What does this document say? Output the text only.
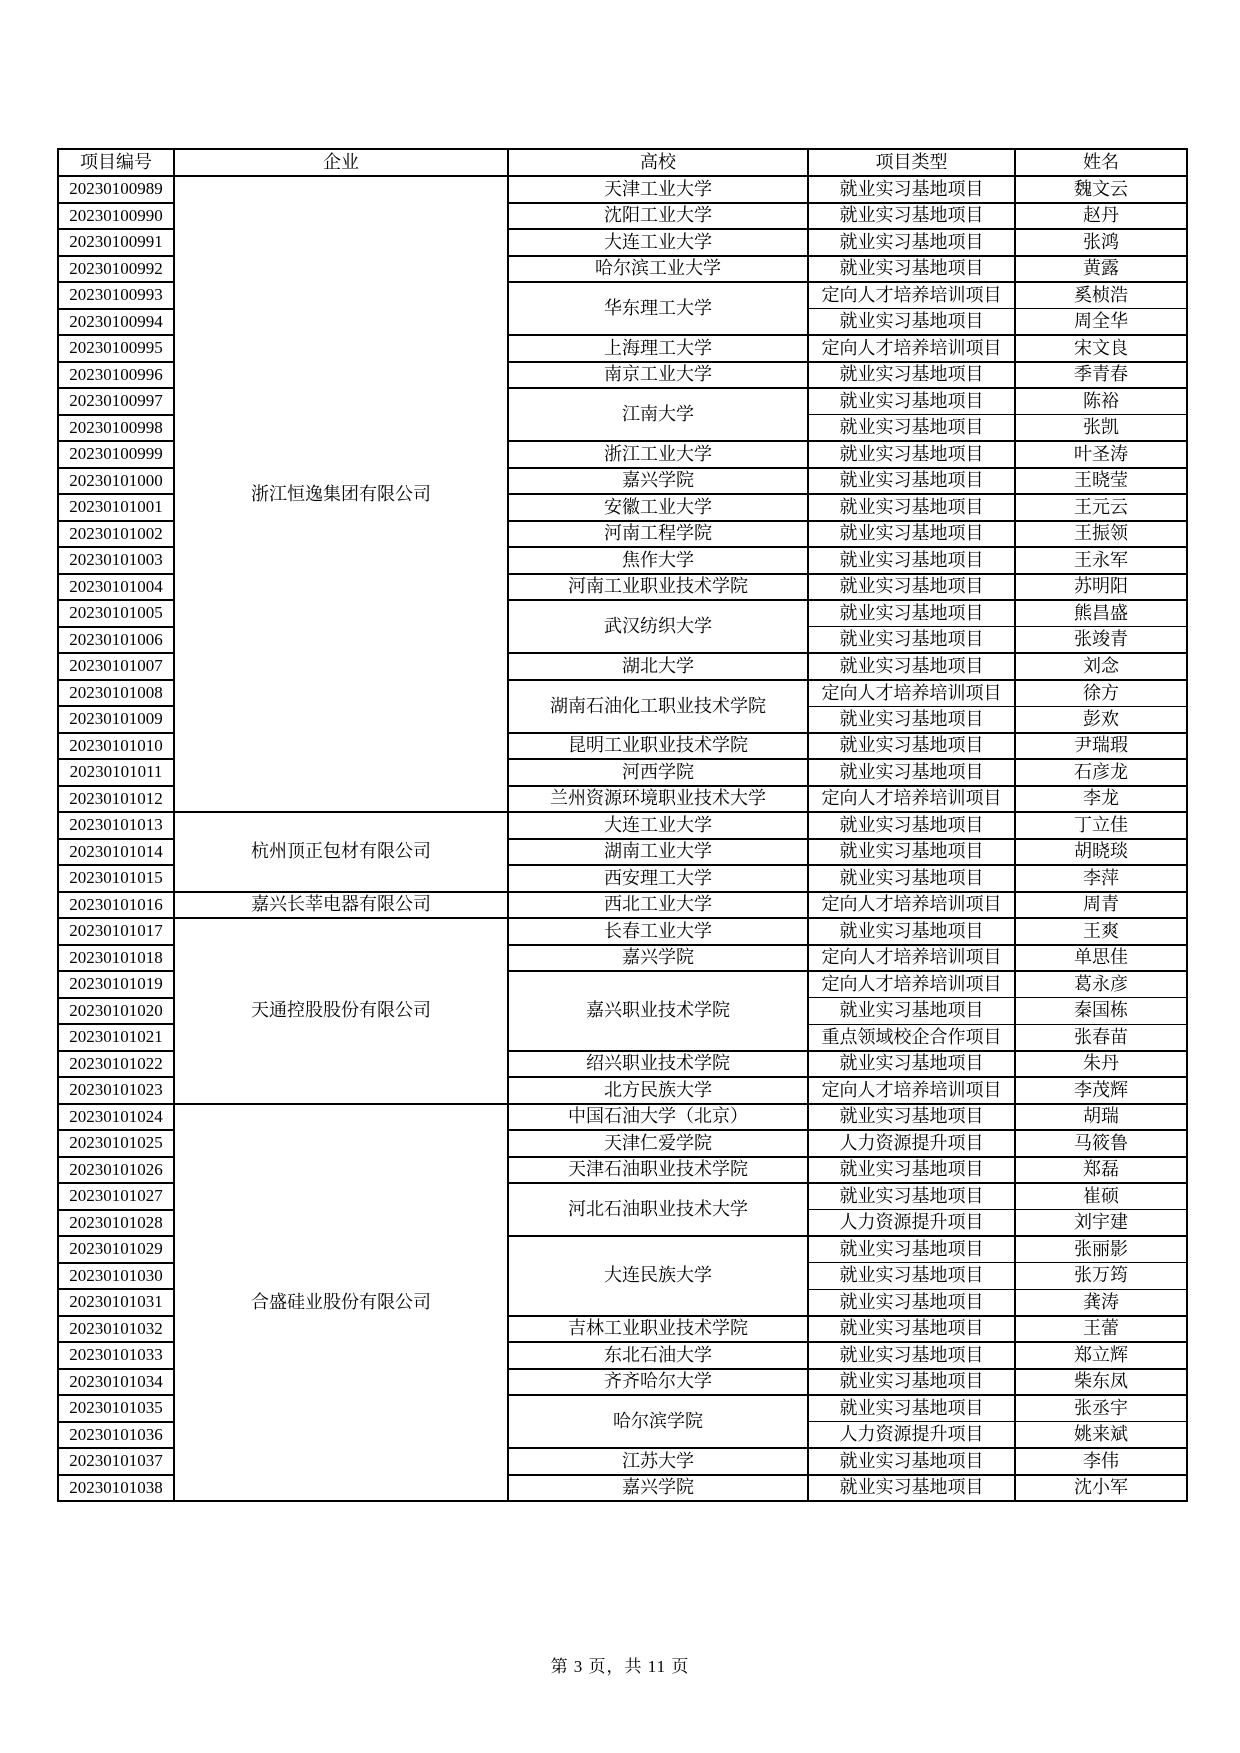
项目编号	企业	高校	项目类型	姓名
20230100989	浙江恒逸集团有限公司	天津工业大学	就业实习基地项目	魏文云
20230100990		沈阳工业大学	就业实习基地项目	赵丹
20230100991		大连工业大学	就业实习基地项目	张鸿
20230100992		哈尔滨工业大学	就业实习基地项目	黄露
20230100993		华东理工大学	定向人才培养培训项目	奚桢浩
20230100994			就业实习基地项目	周全华
20230100995		上海理工大学	定向人才培养培训项目	宋文良
20230100996		南京工业大学	就业实习基地项目	季青春
20230100997		江南大学	就业实习基地项目	陈裕
20230100998			就业实习基地项目	张凯
20230100999		浙江工业大学	就业实习基地项目	叶圣涛
20230101000		嘉兴学院	就业实习基地项目	王晓莹
20230101001		安徽工业大学	就业实习基地项目	王元云
20230101002		河南工程学院	就业实习基地项目	王振领
20230101003		焦作大学	就业实习基地项目	王永军
20230101004		河南工业职业技术学院	就业实习基地项目	苏明阳
20230101005		武汉纺织大学	就业实习基地项目	熊昌盛
20230101006			就业实习基地项目	张竣青
20230101007		湖北大学	就业实习基地项目	刘念
20230101008		湖南石油化工职业技术学院	定向人才培养培训项目	徐方
20230101009			就业实习基地项目	彭欢
20230101010		昆明工业职业技术学院	就业实习基地项目	尹瑞瑕
20230101011		河西学院	就业实习基地项目	石彦龙
20230101012		兰州资源环境职业技术大学	定向人才培养培训项目	李龙
20230101013	杭州顶正包材有限公司	大连工业大学	就业实习基地项目	丁立佳
20230101014		湖南工业大学	就业实习基地项目	胡晓琰
20230101015		西安理工大学	就业实习基地项目	李萍
20230101016	嘉兴长莘电器有限公司	西北工业大学	定向人才培养培训项目	周青
20230101017	天通控股股份有限公司	长春工业大学	就业实习基地项目	王爽
20230101018		嘉兴学院	定向人才培养培训项目	单思佳
20230101019		嘉兴职业技术学院	定向人才培养培训项目	葛永彦
20230101020			就业实习基地项目	秦国栋
20230101021			重点领域校企合作项目	张春苗
20230101022		绍兴职业技术学院	就业实习基地项目	朱丹
20230101023		北方民族大学	定向人才培养培训项目	李茂辉
20230101024	合盛硅业股份有限公司	中国石油大学（北京）	就业实习基地项目	胡瑞
20230101025		天津仁爱学院	人力资源提升项目	马筱鲁
20230101026		天津石油职业技术学院	就业实习基地项目	郑磊
20230101027		河北石油职业技术大学	就业实习基地项目	崔硕
20230101028			人力资源提升项目	刘宇建
20230101029		大连民族大学	就业实习基地项目	张丽影
20230101030			就业实习基地项目	张万筠
20230101031			就业实习基地项目	龚涛
20230101032		吉林工业职业技术学院	就业实习基地项目	王蕾
20230101033		东北石油大学	就业实习基地项目	郑立辉
20230101034		齐齐哈尔大学	就业实习基地项目	柴东凤
20230101035		哈尔滨学院	就业实习基地项目	张丞宇
20230101036			人力资源提升项目	姚来斌
20230101037		江苏大学	就业实习基地项目	李伟
20230101038		嘉兴学院	就业实习基地项目	沈小军
第 3 页，共 11 页
